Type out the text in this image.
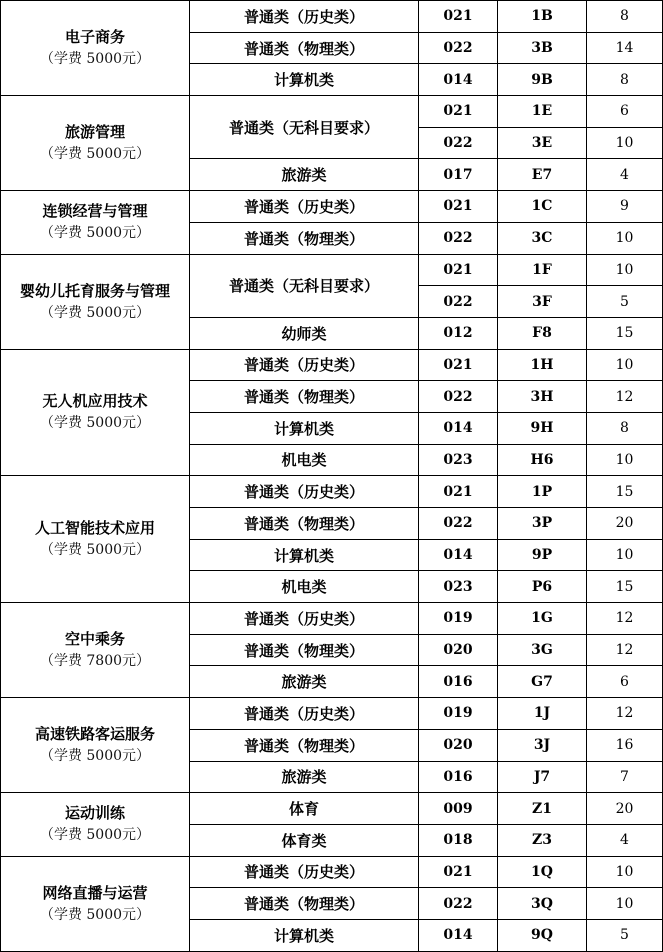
电子商务
（学费 5000元）	普通类（历史类）	021	1B	8
	普通类（物理类）	022	3B	14
	计算机类	014	9B	8

旅游管理
（学费 5000元）	普通类（无科目要求）	021	1E	6
		022	3E	10
	旅游类	017	E7	4

连锁经营与管理
（学费 5000元）	普通类（历史类）	021	1C	9
	普通类（物理类）	022	3C	10

婴幼儿托育服务与管理
（学费 5000元）	普通类（无科目要求）	021	1F	10
		022	3F	5
	幼师类	012	F8	15

无人机应用技术
（学费 5000元）	普通类（历史类）	021	1H	10
	普通类（物理类）	022	3H	12
	计算机类	014	9H	8
	机电类	023	H6	10

人工智能技术应用
（学费 5000元）	普通类（历史类）	021	1P	15
	普通类（物理类）	022	3P	20
	计算机类	014	9P	10
	机电类	023	P6	15

空中乘务
（学费 7800元）	普通类（历史类）	019	1G	12
	普通类（物理类）	020	3G	12
	旅游类	016	G7	6

高速铁路客运服务
（学费 5000元）	普通类（历史类）	019	1J	12
	普通类（物理类）	020	3J	16
	旅游类	016	J7	7

运动训练
（学费 5000元）	体育	009	Z1	20
	体育类	018	Z3	4

网络直播与运营
（学费 5000元）	普通类（历史类）	021	1Q	10
	普通类（物理类）	022	3Q	10
	计算机类	014	9Q	5
